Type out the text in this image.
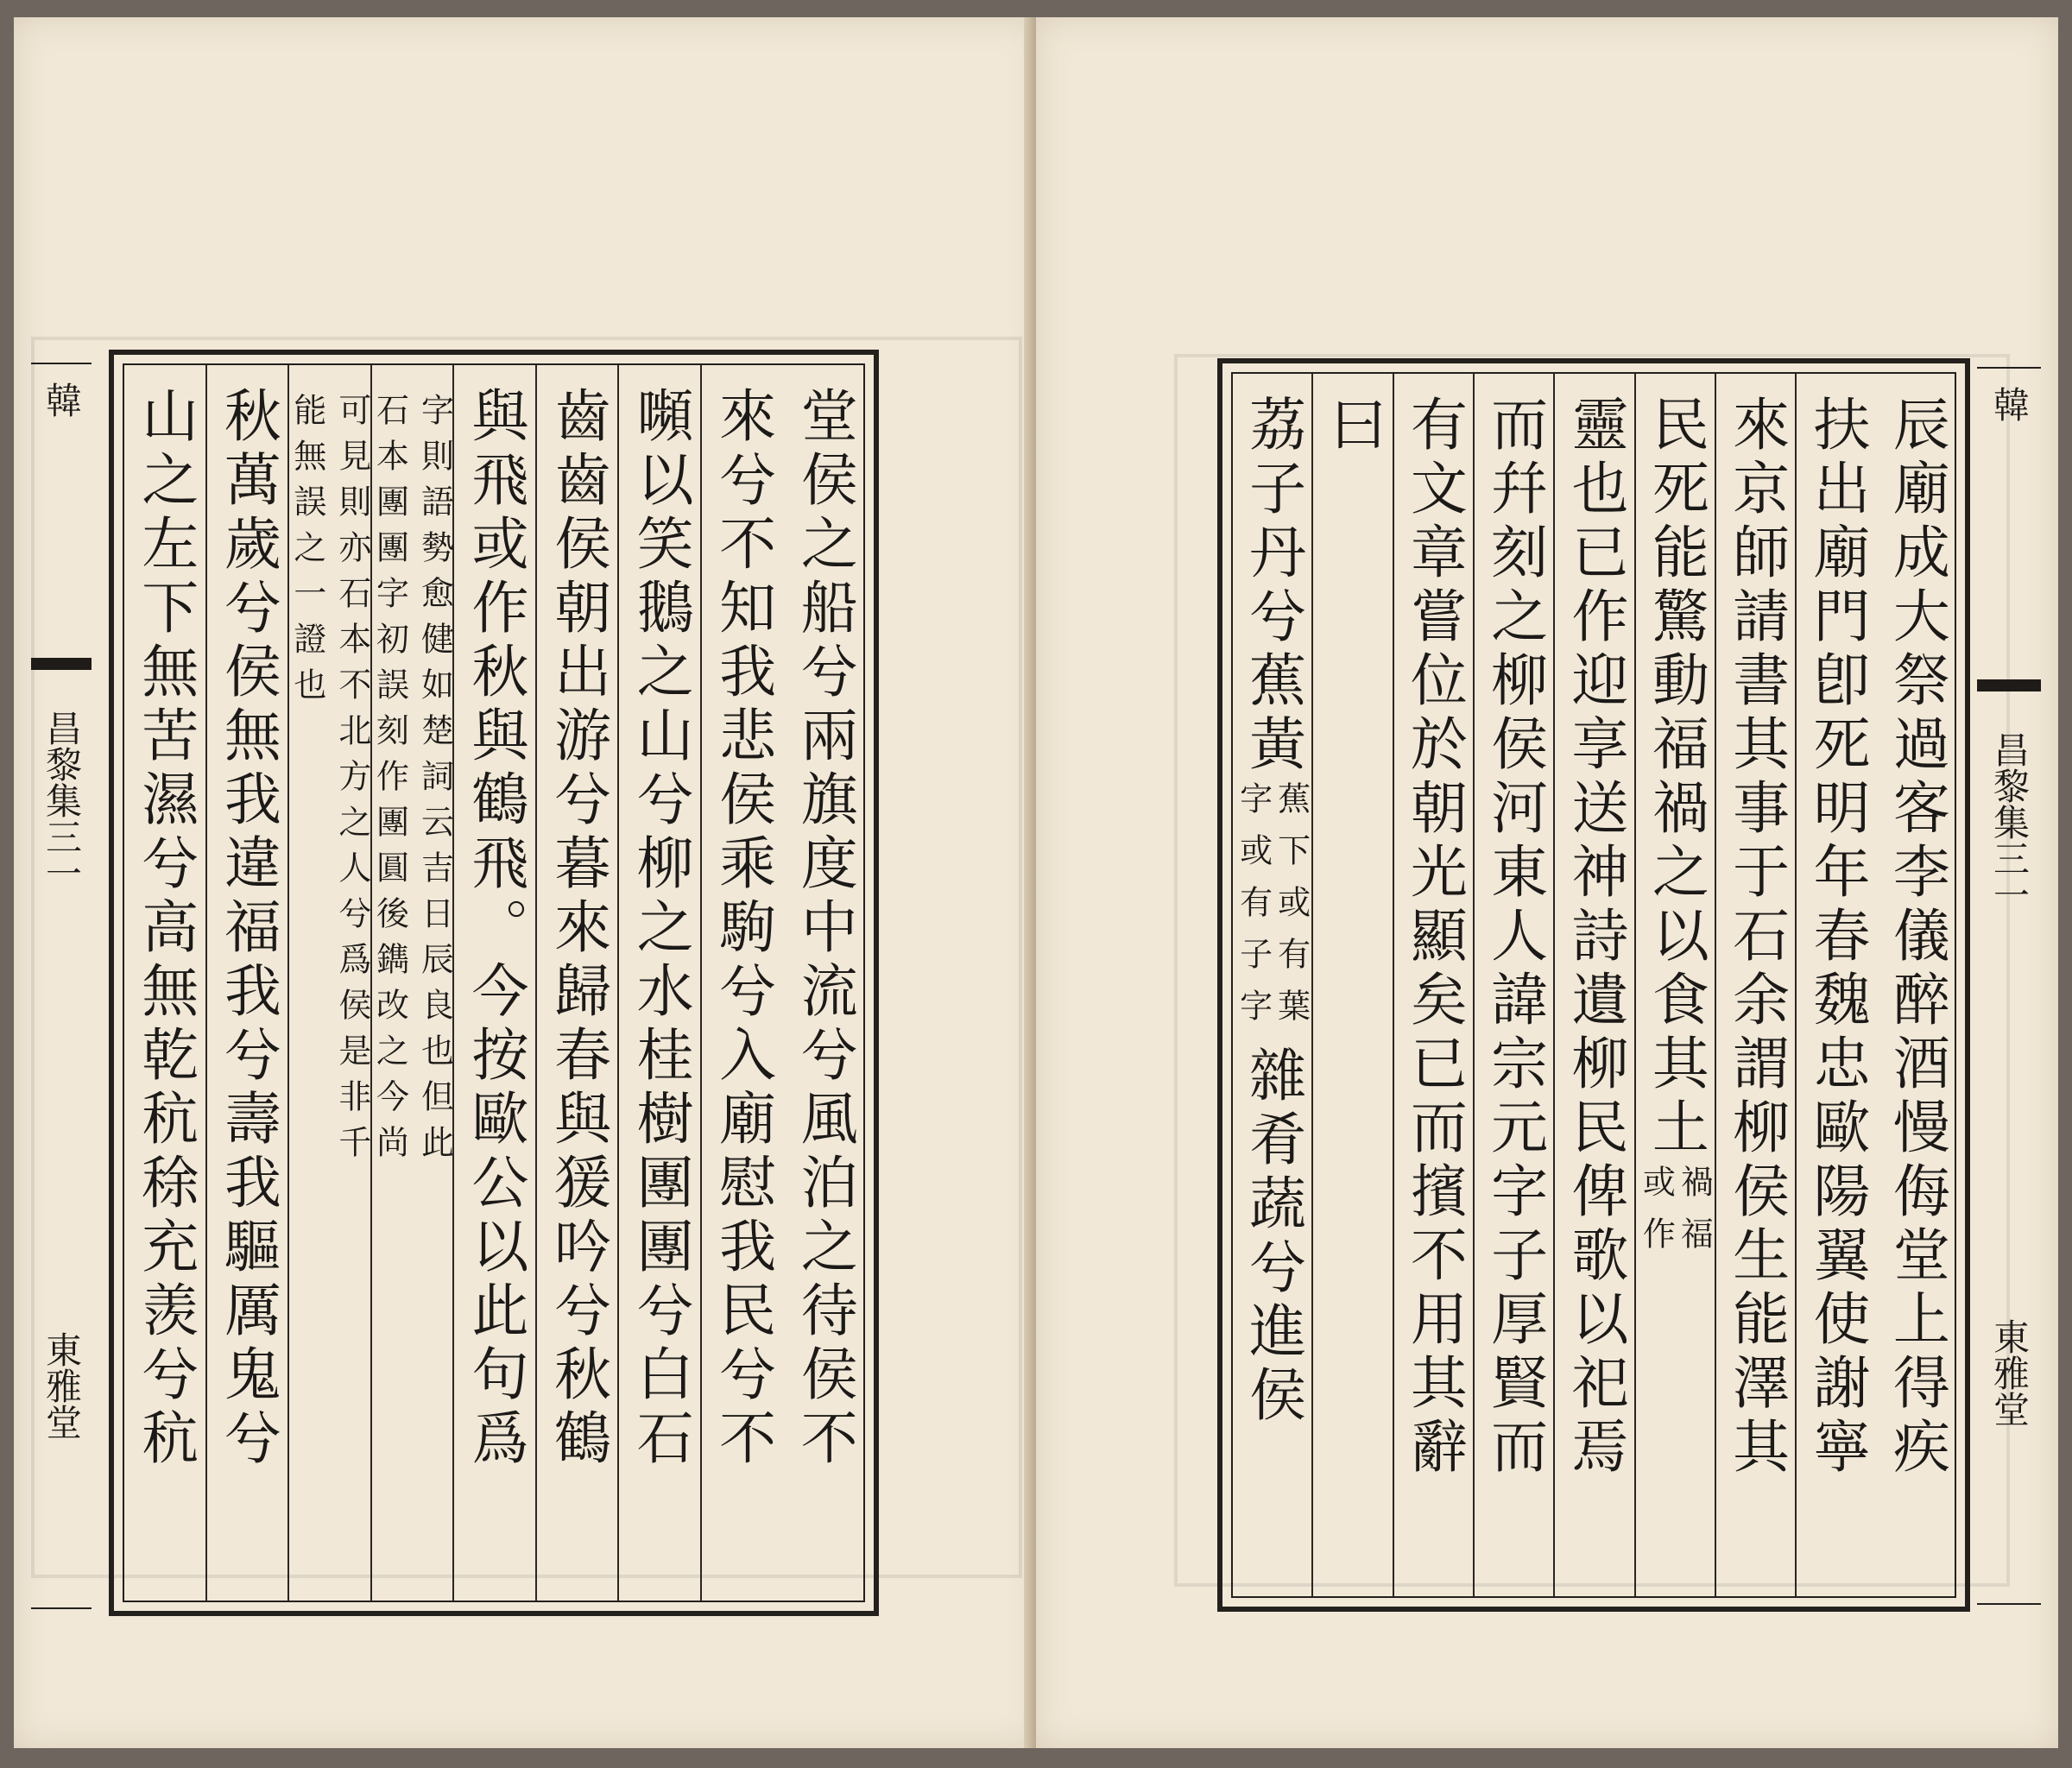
堂侯之船兮兩旗度中流兮風泊之待侯不
來兮不知我悲侯乘駒兮入廟慰我民兮不
嚬以笑鵝之山兮柳之水桂樹團團兮白石
齒齒侯朝出游兮暮來歸春與猨吟兮秋鶴
與飛或作秋與鶴飛。今按歐公以此句爲
字則語勢愈健如楚詞云吉日辰良也但此
石本團團字初誤刻作團圓後鐫改之今尚
可見則亦石本不北方之人兮爲侯是非千
能無誤之一證也
秋萬歲兮侯無我違福我兮壽我驅厲鬼兮
山之左下無苦濕兮高無乾秔稌充羡兮秔
韓
昌黎集三一
東雅堂	辰廟成大祭過客李儀醉酒慢侮堂上得疾
扶出廟門卽死明年春魏忠歐陽翼使謝寧
來京師請書其事于石余謂柳侯生能澤其
民死能驚動福禍之以食其土
禍福
或作
靈也已作迎享送神詩遺柳民俾歌以祀焉
而幷刻之柳侯河東人諱宗元字子厚賢而
有文章嘗位於朝光顯矣已而擯不用其辭
曰
荔子丹兮蕉黃
蕉下或有葉
字或有子字
雜肴蔬兮進侯
韓
昌黎集三一
東雅堂
